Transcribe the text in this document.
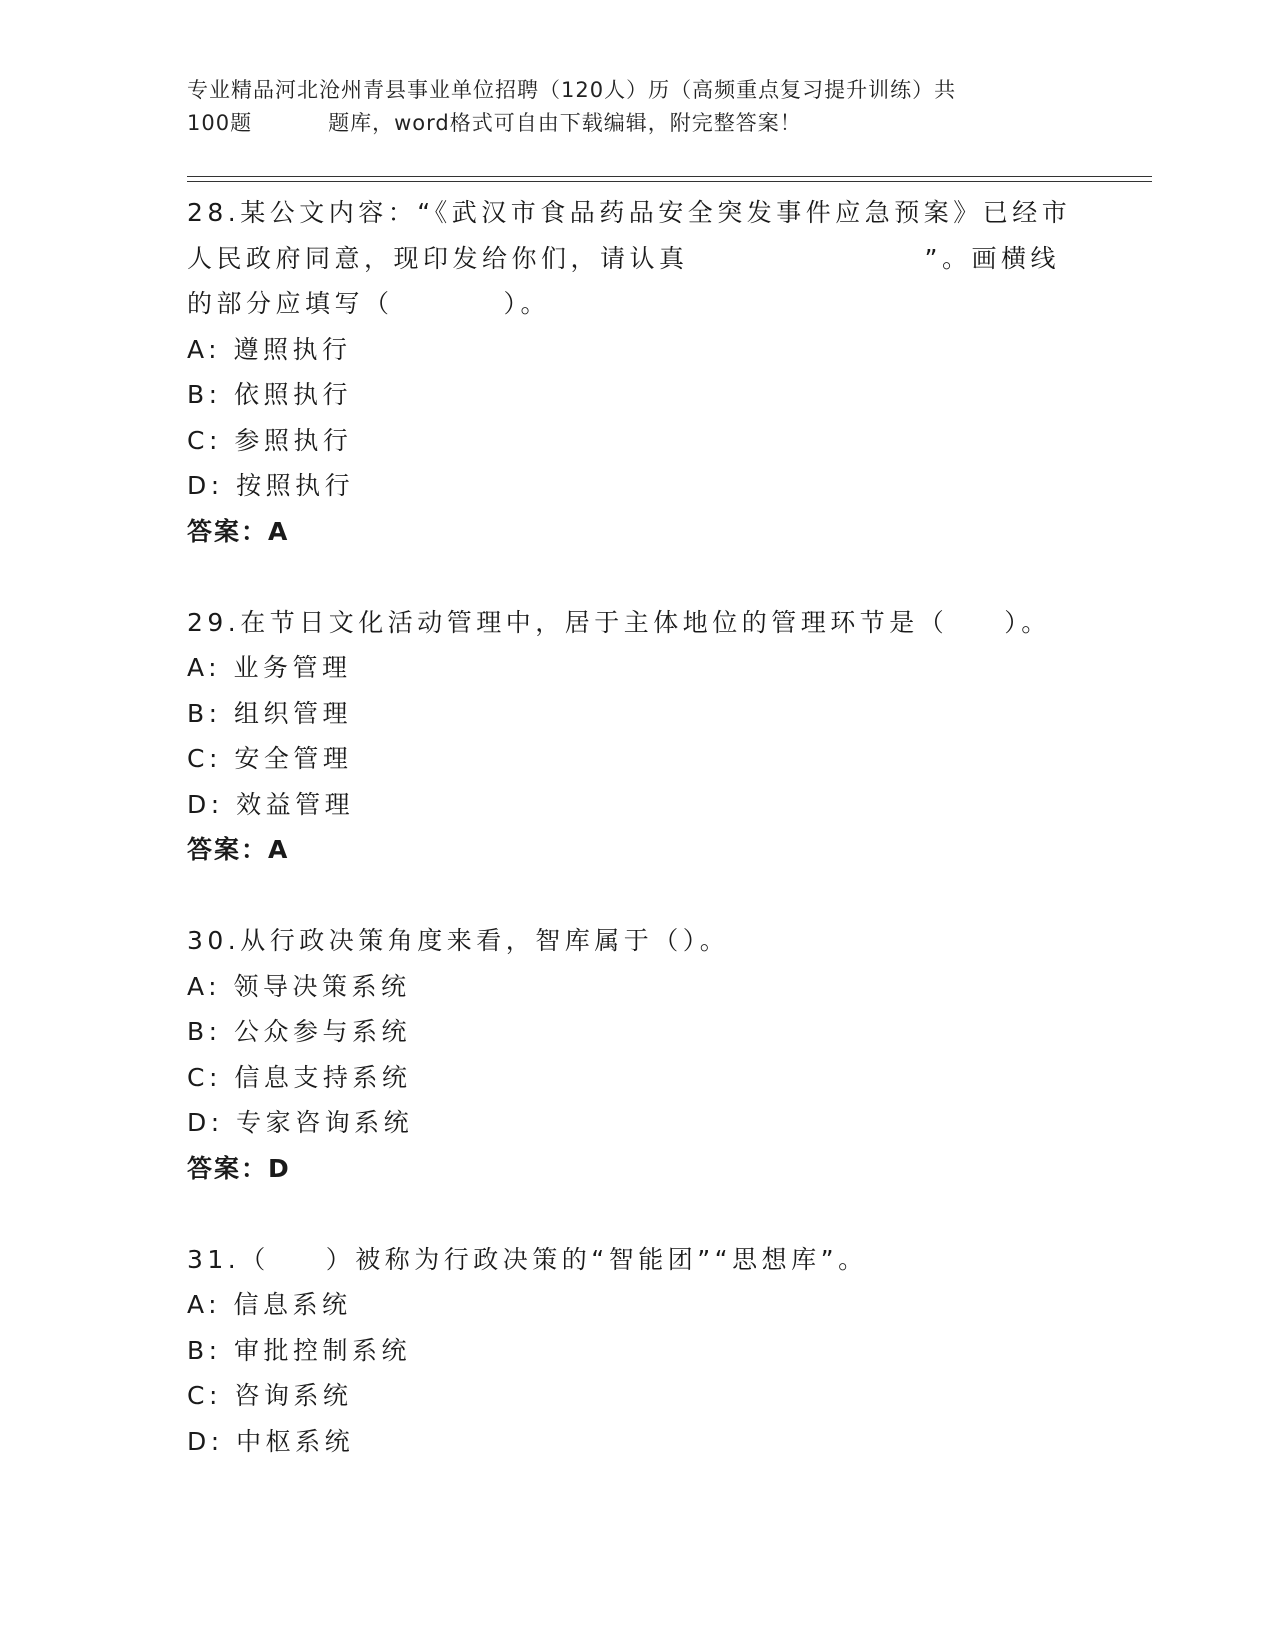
专业精品河北沧州青县事业单位招聘（120人）历（高频重点复习提升训练）共
100题	题库，word格式可自由下载编辑，附完整答案！
28.某公文内容：“《武汉市食品药品安全突发事件应急预案》已经市
人民政府同意，现印发给你们，请认真	”。画横线
的部分应填写（	）。
A: 遵照执行
B: 依照执行
C: 参照执行
D: 按照执行
答案：A
29.在节日文化活动管理中，居于主体地位的管理环节是（ ）。
A: 业务管理
B: 组织管理
C: 安全管理
D: 效益管理
答案：A
30.从行政决策角度来看，智库属于（）。
A: 领导决策系统
B: 公众参与系统
C: 信息支持系统
D: 专家咨询系统
答案：D
31.（ ）被称为行政决策的“智能团”“思想库”。
A: 信息系统
B: 审批控制系统
C: 咨询系统
D: 中枢系统
